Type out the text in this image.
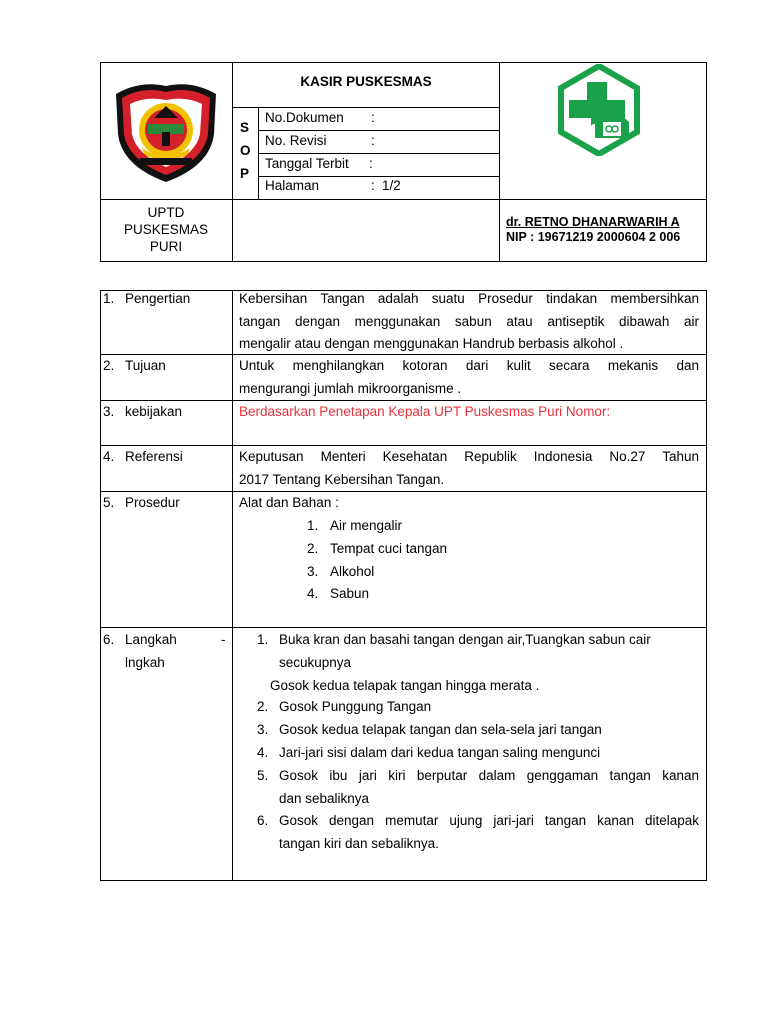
KASIR PUSKESMAS
S
O
P
No.Dokumen :
No. Revisi	:
Tanggal Terbit :
Halaman	: 1/2
UPTD
PUSKESMAS
PURI
dr. RETNO DHANARWARIH A
NIP : 19671219 2000604 2 006
1. Pengertian	Kebersihan Tangan adalah suatu Prosedur tindakan membersihkan
tangan dengan menggunakan sabun atau antiseptik dibawah air
mengalir atau dengan menggunakan Handrub berbasis alkohol .
2. Tujuan	Untuk menghilangkan kotoran dari kulit secara mekanis dan
mengurangi jumlah mikroorganisme .
3. kebijakan	Berdasarkan Penetapan Kepala UPT Puskesmas Puri Nomor:
4. Referensi	Keputusan Menteri Kesehatan Republik Indonesia No.27 Tahun
2017 Tentang Kebersihan Tangan.
5. Prosedur	Alat dan Bahan :
1. Air mengalir
2. Tempat cuci tangan
3. Alkohol
4. Sabun
6. Langkah	-
lngkah
1. Buka kran dan basahi tangan dengan air,Tuangkan sabun cair
secukupnya
Gosok kedua telapak tangan hingga merata .
2. Gosok Punggung Tangan
3. Gosok kedua telapak tangan dan sela-sela jari tangan
4. Jari-jari sisi dalam dari kedua tangan saling mengunci
5. Gosok ibu jari kiri berputar dalam genggaman tangan kanan
dan sebaliknya
6. Gosok dengan memutar ujung jari-jari tangan kanan ditelapak
tangan kiri dan sebaliknya.
